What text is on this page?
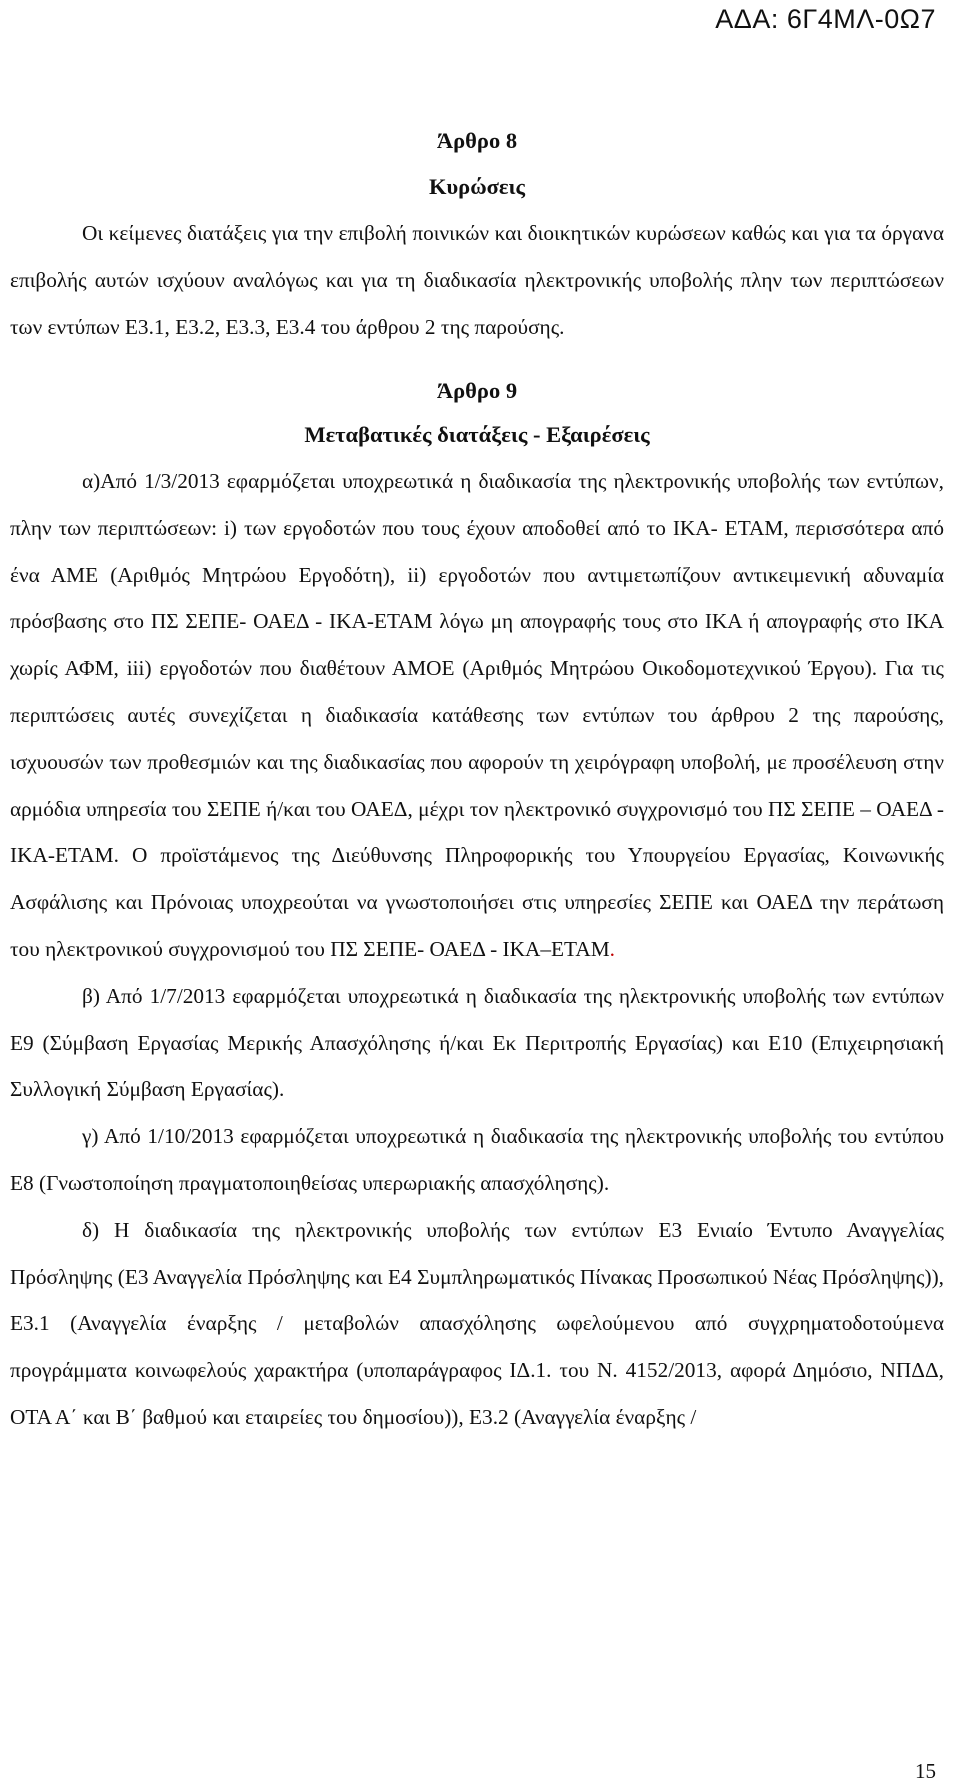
ΑΔΑ: 6Γ4ΜΛ-0Ω7
Άρθρο 8
Κυρώσεις

Οι κείμενες διατάξεις για την επιβολή ποινικών και διοικητικών κυρώσεων καθώς και για τα όργανα επιβολής αυτών ισχύουν αναλόγως και για τη διαδικασία ηλεκτρονικής υποβολής πλην των περιπτώσεων των εντύπων Ε3.1, Ε3.2, Ε3.3, Ε3.4 του άρθρου 2 της παρούσης.

Άρθρο 9
Μεταβατικές διατάξεις - Εξαιρέσεις

α)Από 1/3/2013 εφαρμόζεται υποχρεωτικά η διαδικασία της ηλεκτρονικής υποβολής των εντύπων, πλην των περιπτώσεων: i) των εργοδοτών που τους έχουν αποδοθεί από το ΙΚΑ- ΕΤΑΜ, περισσότερα από ένα ΑΜΕ (Αριθμός Μητρώου Εργοδότη), ii) εργοδοτών που αντιμετωπίζουν αντικειμενική αδυναμία πρόσβασης στο ΠΣ ΣΕΠΕ- ΟΑΕΔ - ΙΚΑ-ΕΤΑΜ λόγω μη απογραφής τους στο ΙΚΑ ή απογραφής στο ΙΚΑ χωρίς ΑΦΜ, iii) εργοδοτών που διαθέτουν ΑΜΟΕ (Αριθμός Μητρώου Οικοδομοτεχνικού Έργου). Για τις περιπτώσεις αυτές συνεχίζεται η διαδικασία κατάθεσης των εντύπων του άρθρου 2 της παρούσης, ισχυουσών των προθεσμιών και της διαδικασίας που αφορούν τη χειρόγραφη υποβολή, με προσέλευση στην αρμόδια υπηρεσία του ΣΕΠΕ ή/και του ΟΑΕΔ, μέχρι τον ηλεκτρονικό συγχρονισμό του ΠΣ ΣΕΠΕ – ΟΑΕΔ - ΙΚΑ-ΕΤΑΜ. Ο προϊστάμενος της Διεύθυνσης Πληροφορικής του Υπουργείου Εργασίας, Κοινωνικής Ασφάλισης και Πρόνοιας υποχρεούται να γνωστοποιήσει στις υπηρεσίες ΣΕΠΕ και ΟΑΕΔ την περάτωση του ηλεκτρονικού συγχρονισμού του ΠΣ ΣΕΠΕ- ΟΑΕΔ - ΙΚΑ–ΕΤΑΜ.

β) Από 1/7/2013 εφαρμόζεται υποχρεωτικά η διαδικασία της ηλεκτρονικής υποβολής των εντύπων Ε9 (Σύμβαση Εργασίας Μερικής Απασχόλησης ή/και Εκ Περιτροπής Εργασίας) και Ε10 (Επιχειρησιακή Συλλογική Σύμβαση Εργασίας).

γ) Από 1/10/2013 εφαρμόζεται υποχρεωτικά η διαδικασία της ηλεκτρονικής υποβολής του εντύπου Ε8 (Γνωστοποίηση πραγματοποιηθείσας υπερωριακής απασχόλησης).

δ) Η διαδικασία της ηλεκτρονικής υποβολής των εντύπων Ε3 Ενιαίο Έντυπο Αναγγελίας Πρόσληψης (Ε3 Αναγγελία Πρόσληψης και Ε4 Συμπληρωματικός Πίνακας Προσωπικού Νέας Πρόσληψης)), Ε3.1 (Αναγγελία έναρξης / μεταβολών απασχόλησης ωφελούμενου από συγχρηματοδοτούμενα προγράμματα κοινωφελούς χαρακτήρα (υποπαράγραφος ΙΔ.1. του Ν. 4152/2013, αφορά Δημόσιο, ΝΠΔΔ, ΟΤΑ Α΄ και Β΄ βαθμού και εταιρείες του δημοσίου)), Ε3.2 (Αναγγελία έναρξης /

15
